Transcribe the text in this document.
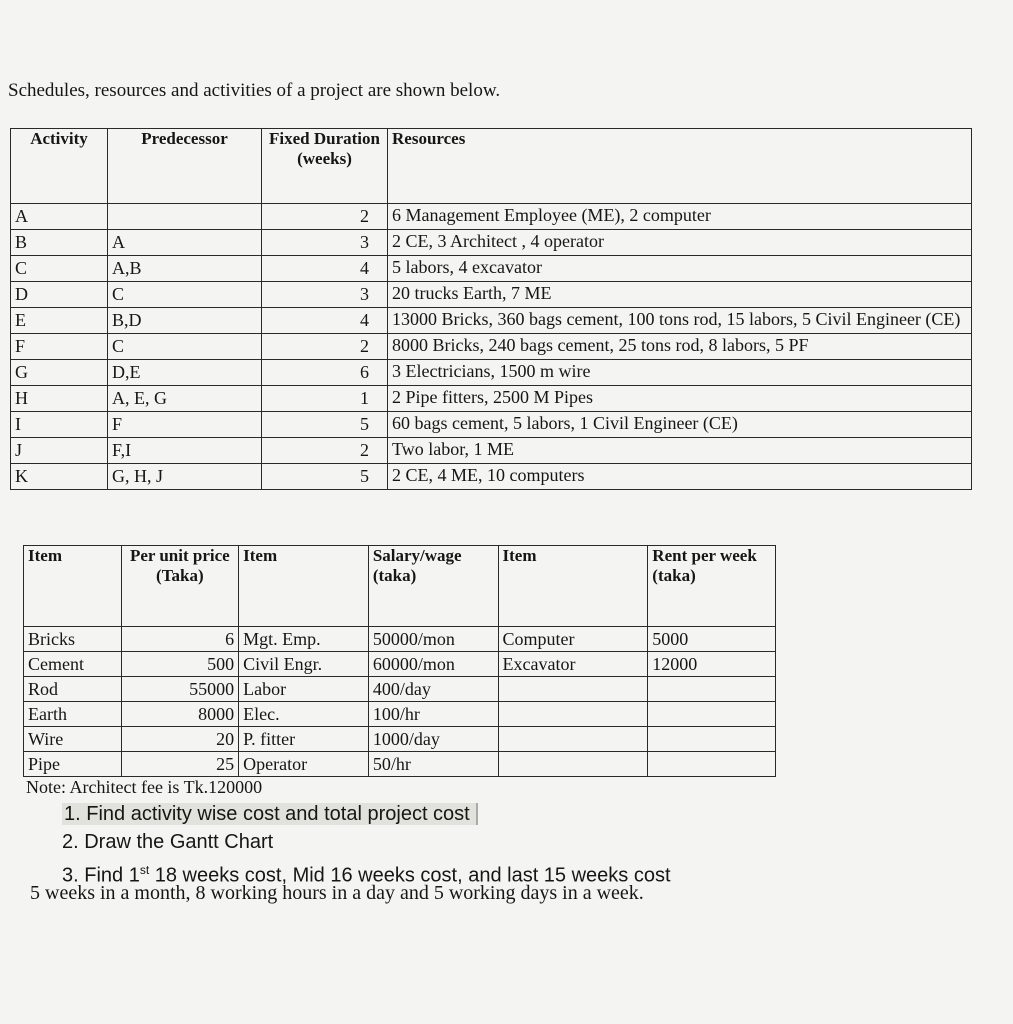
Schedules, resources and activities of a project are shown below.
Activity	Predecessor	Fixed Duration (weeks)	Resources
A		2	6 Management Employee (ME), 2 computer
B	A	3	2 CE, 3 Architect , 4 operator
C	A,B	4	5 labors, 4 excavator
D	C	3	20 trucks Earth, 7 ME
E	B,D	4	13000 Bricks, 360 bags cement, 100 tons rod, 15 labors, 5 Civil Engineer (CE)
F	C	2	8000 Bricks, 240 bags cement, 25 tons rod, 8 labors, 5 PF
G	D,E	6	3 Electricians, 1500 m wire
H	A, E, G	1	2 Pipe fitters, 2500 M Pipes
I	F	5	60 bags cement, 5 labors, 1 Civil Engineer (CE)
J	F,I	2	Two labor, 1 ME
K	G, H, J	5	2 CE, 4 ME, 10 computers
Item	Per unit price (Taka)	Item	Salary/wage (taka)	Item	Rent per week (taka)
Bricks	6	Mgt. Emp.	50000/mon	Computer	5000
Cement	500	Civil Engr.	60000/mon	Excavator	12000
Rod	55000	Labor	400/day		
Earth	8000	Elec.	100/hr		
Wire	20	P. fitter	1000/day		
Pipe	25	Operator	50/hr		
Note: Architect fee is Tk.120000
1. Find activity wise cost and total project cost
2. Draw the Gantt Chart
3. Find 1st 18 weeks cost, Mid 16 weeks cost, and last 15 weeks cost
5 weeks in a month, 8 working hours in a day and 5 working days in a week.
